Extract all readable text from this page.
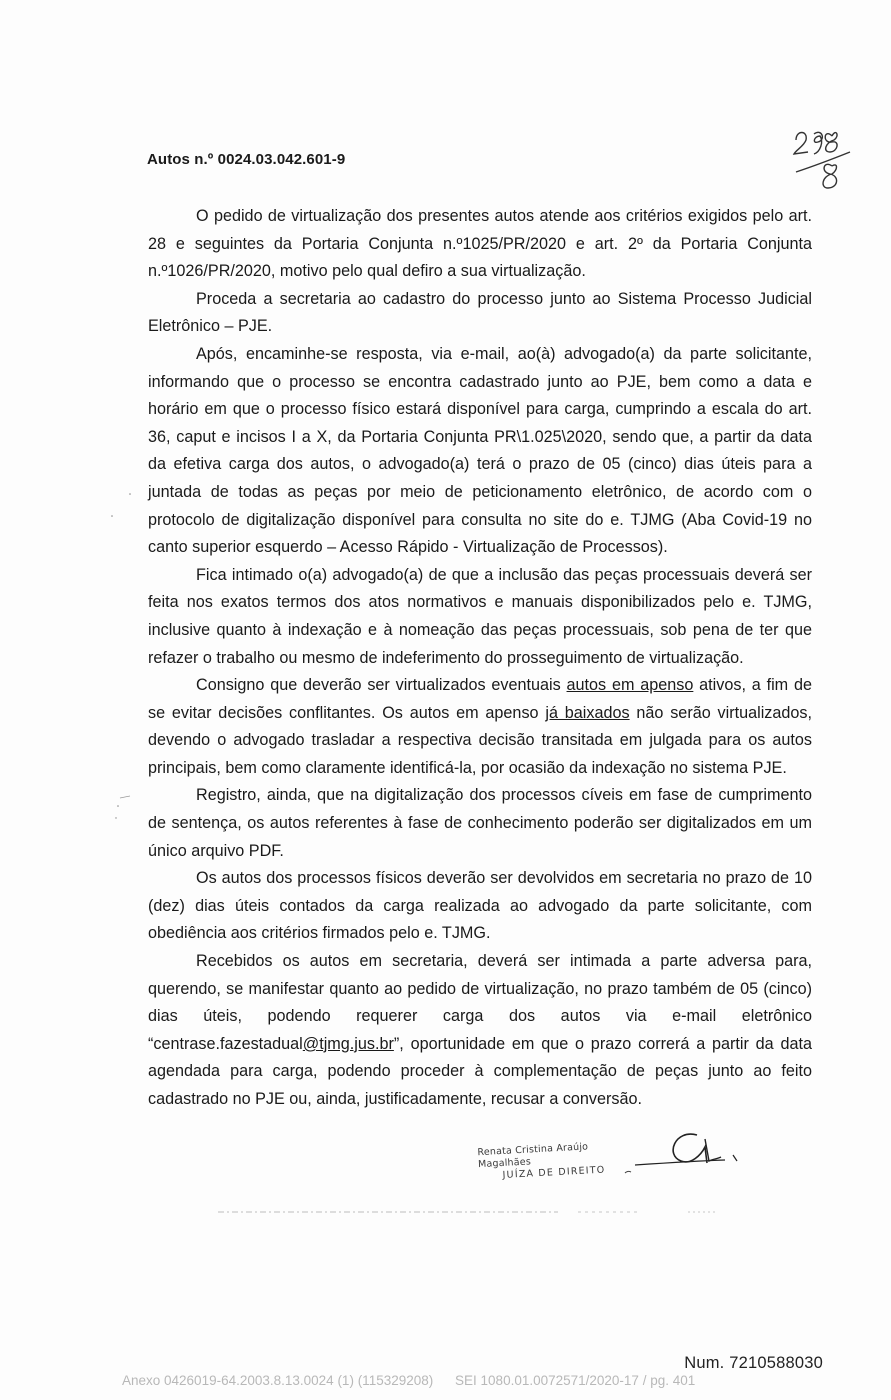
Autos n.º 0024.03.042.601-9

O pedido de virtualização dos presentes autos atende aos critérios exigidos pelo art. 28 e seguintes da Portaria Conjunta n.º1025/PR/2020 e art. 2º da Portaria Conjunta n.º1026/PR/2020, motivo pelo qual defiro a sua virtualização.

Proceda a secretaria ao cadastro do processo junto ao Sistema Processo Judicial Eletrônico – PJE.

Após, encaminhe-se resposta, via e-mail, ao(à) advogado(a) da parte solicitante, informando que o processo se encontra cadastrado junto ao PJE, bem como a data e horário em que o processo físico estará disponível para carga, cumprindo a escala do art. 36, caput e incisos I a X, da Portaria Conjunta PR\1.025\2020, sendo que, a partir da data da efetiva carga dos autos, o advogado(a) terá o prazo de 05 (cinco) dias úteis para a juntada de todas as peças por meio de peticionamento eletrônico, de acordo com o protocolo de digitalização disponível para consulta no site do e. TJMG (Aba Covid-19 no canto superior esquerdo – Acesso Rápido - Virtualização de Processos).

Fica intimado o(a) advogado(a) de que a inclusão das peças processuais deverá ser feita nos exatos termos dos atos normativos e manuais disponibilizados pelo e. TJMG, inclusive quanto à indexação e à nomeação das peças processuais, sob pena de ter que refazer o trabalho ou mesmo de indeferimento do prosseguimento de virtualização.

Consigno que deverão ser virtualizados eventuais autos em apenso ativos, a fim de se evitar decisões conflitantes. Os autos em apenso já baixados não serão virtualizados, devendo o advogado trasladar a respectiva decisão transitada em julgada para os autos principais, bem como claramente identificá-la, por ocasião da indexação no sistema PJE.

Registro, ainda, que na digitalização dos processos cíveis em fase de cumprimento de sentença, os autos referentes à fase de conhecimento poderão ser digitalizados em um único arquivo PDF.

Os autos dos processos físicos deverão ser devolvidos em secretaria no prazo de 10 (dez) dias úteis contados da carga realizada ao advogado da parte solicitante, com obediência aos critérios firmados pelo e. TJMG.

Recebidos os autos em secretaria, deverá ser intimada a parte adversa para, querendo, se manifestar quanto ao pedido de virtualização, no prazo também de 05 (cinco) dias úteis, podendo requerer carga dos autos via e-mail eletrônico “centrase.fazestadual@tjmg.jus.br”, oportunidade em que o prazo correrá a partir da data agendada para carga, podendo proceder à complementação de peças junto ao feito cadastrado no PJE ou, ainda, justificadamente, recusar a conversão.

Renata Cristina Araújo Magalhães
JUÍZA DE DIREITO
Num. 7210588030
Anexo 0426019-64.2003.8.13.0024 (1) (115329208) SEI 1080.01.0072571/2020-17 / pg. 401
